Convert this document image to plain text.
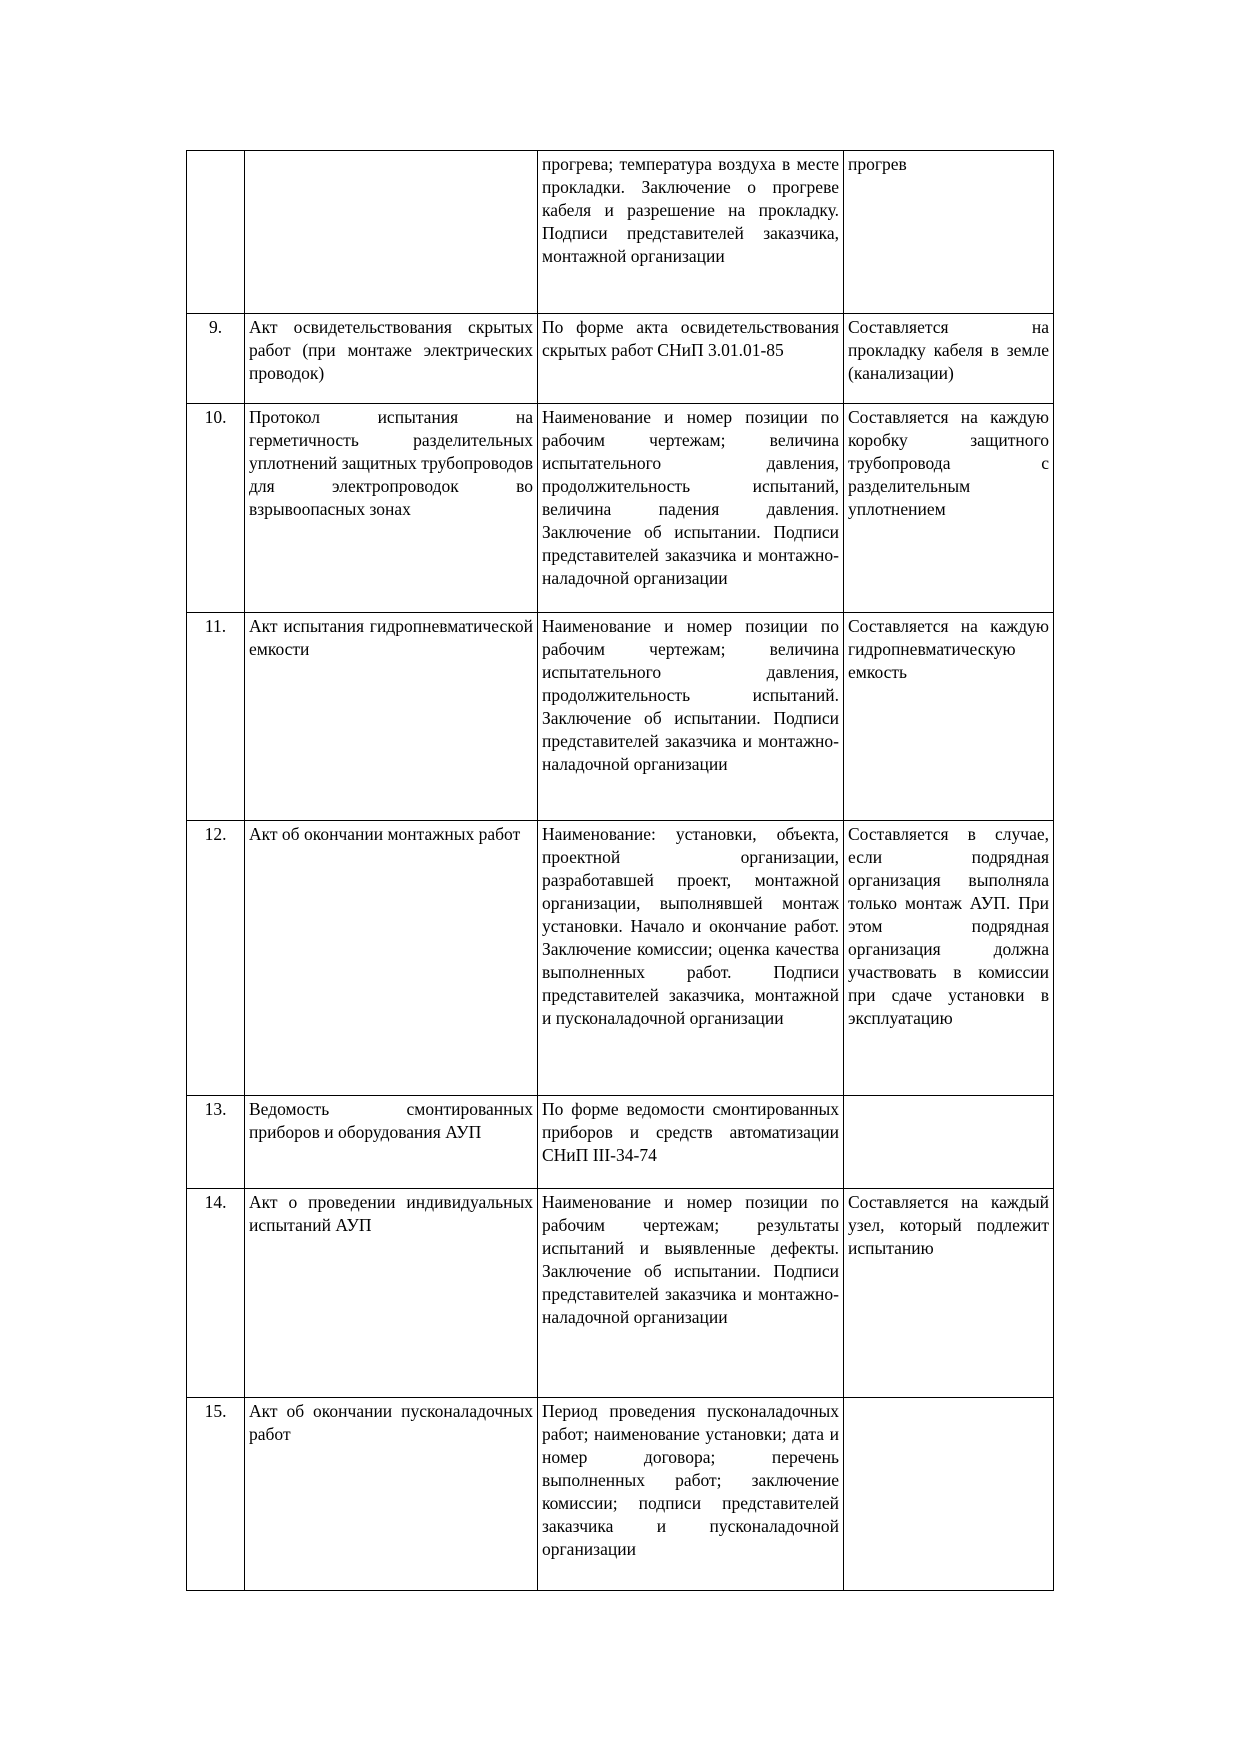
		прогрева; температура воздуха в месте прокладки. Заключение о прогреве кабеля и разрешение на прокладку. Подписи представителей заказчика, монтажной организации	прогрев
9.	Акт освидетельствования скрытых работ (при монтаже электрических проводок)	По форме акта освидетельствования скрытых работ СНиП 3.01.01-85	Составляется на прокладку кабеля в земле (канализации)
10.	Протокол испытания на герметичность разделительных уплотнений защитных трубопроводов для электропроводок во взрывоопасных зонах	Наименование и номер позиции по рабочим чертежам; величина испытательного давления, продолжительность испытаний, величина падения давления. Заключение об испытании. Подписи представителей заказчика и монтажно-наладочной организации	Составляется на каждую коробку защитного трубопровода с разделительным уплотнением
11.	Акт испытания гидропневматической емкости	Наименование и номер позиции по рабочим чертежам; величина испытательного давления, продолжительность испытаний. Заключение об испытании. Подписи представителей заказчика и монтажно-наладочной организации	Составляется на каждую гидропневматическую емкость
12.	Акт об окончании монтажных работ	Наименование: установки, объекта, проектной организации, разработавшей проект, монтажной организации, выполнявшей монтаж установки. Начало и окончание работ. Заключение комиссии; оценка качества выполненных работ. Подписи представителей заказчика, монтажной и пусконаладочной организации	Составляется в случае, если подрядная организация выполняла только монтаж АУП. При этом подрядная организация должна участвовать в комиссии при сдаче установки в эксплуатацию
13.	Ведомость смонтированных приборов и оборудования АУП	По форме ведомости смонтированных приборов и средств автоматизации СНиП III-34-74	
14.	Акт о проведении индивидуальных испытаний АУП	Наименование и номер позиции по рабочим чертежам; результаты испытаний и выявленные дефекты. Заключение об испытании. Подписи представителей заказчика и монтажно-наладочной организации	Составляется на каждый узел, который подлежит испытанию
15.	Акт об окончании пусконаладочных работ	Период проведения пусконаладочных работ; наименование установки; дата и номер договора; перечень выполненных работ; заключение комиссии; подписи представителей заказчика и пусконаладочной организации	
